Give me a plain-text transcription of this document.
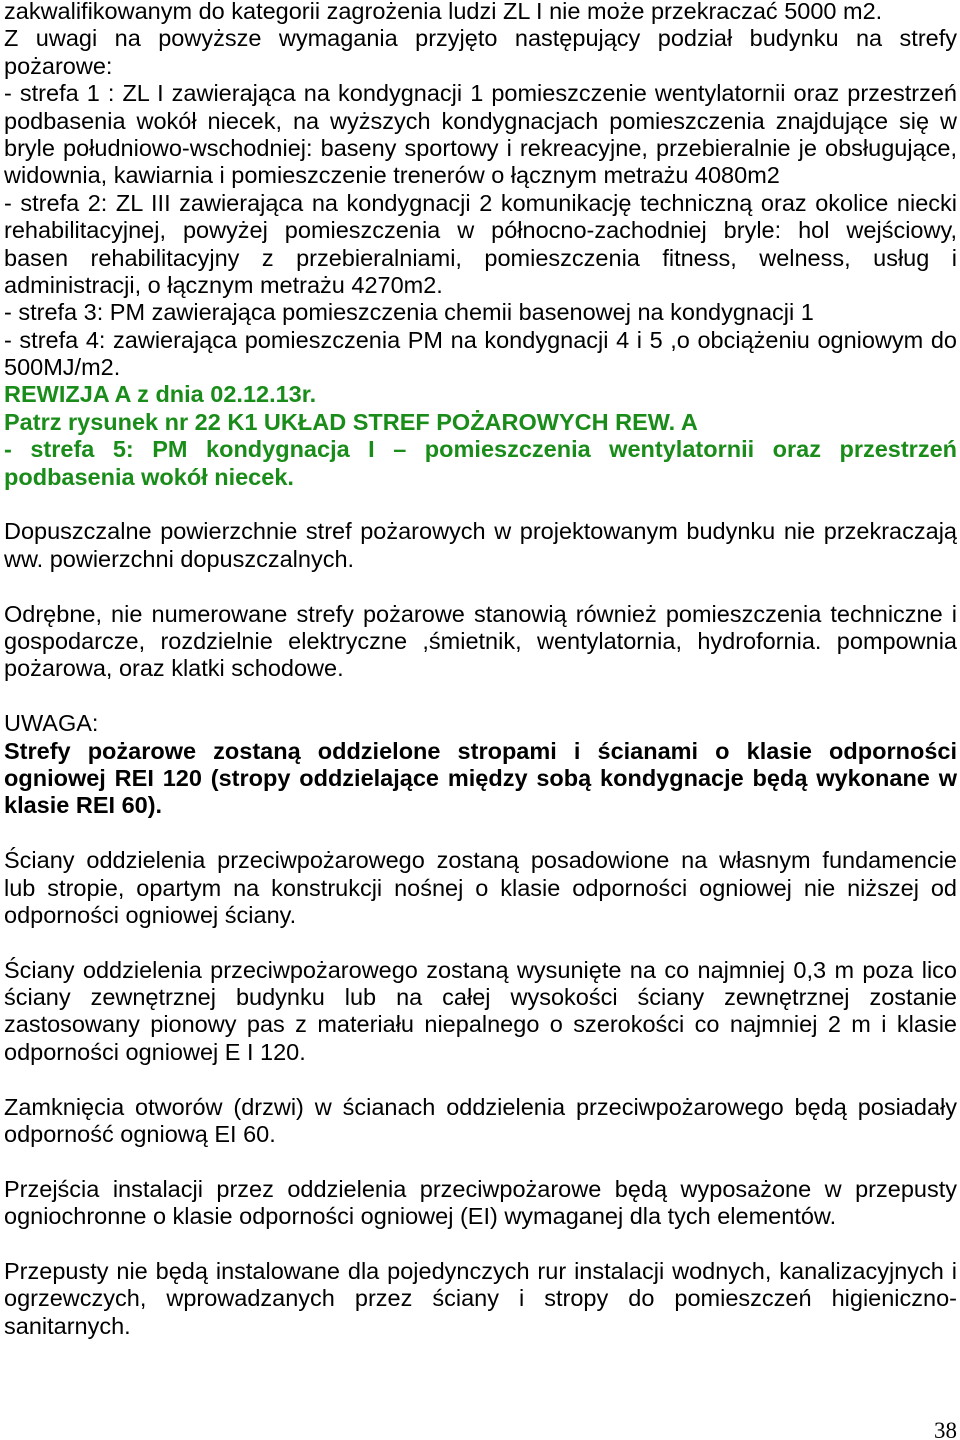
zakwalifikowanym do kategorii zagrożenia ludzi ZL I nie może przekraczać 5000 m2.
Z uwagi na powyższe wymagania przyjęto następujący podział budynku na strefy
pożarowe:
- strefa 1 : ZL I zawierająca na kondygnacji 1 pomieszczenie wentylatornii oraz przestrzeń
podbasenia wokół niecek, na wyższych kondygnacjach pomieszczenia znajdujące się w
bryle południowo-wschodniej: baseny sportowy i rekreacyjne, przebieralnie je obsługujące,
widownia, kawiarnia i pomieszczenie trenerów o łącznym metrażu 4080m2
- strefa 2: ZL III zawierająca na kondygnacji 2 komunikację techniczną oraz okolice niecki
rehabilitacyjnej, powyżej pomieszczenia w północno-zachodniej bryle: hol wejściowy,
basen rehabilitacyjny z przebieralniami, pomieszczenia fitness, welness, usług i
administracji, o łącznym metrażu 4270m2.
- strefa 3: PM zawierająca pomieszczenia chemii basenowej na kondygnacji 1
- strefa 4: zawierająca pomieszczenia PM na kondygnacji 4 i 5 ,o obciążeniu ogniowym do
500MJ/m2.
REWIZJA A z dnia 02.12.13r.
Patrz rysunek nr 22 K1 UKŁAD STREF POŻAROWYCH REW. A
- strefa 5: PM kondygnacja I – pomieszczenia wentylatornii oraz przestrzeń
podbasenia wokół niecek.
Dopuszczalne powierzchnie stref pożarowych w projektowanym budynku nie przekraczają
ww. powierzchni dopuszczalnych.
Odrębne, nie numerowane strefy pożarowe stanowią również pomieszczenia techniczne i
gospodarcze, rozdzielnie elektryczne ,śmietnik, wentylatornia, hydrofornia. pompownia
pożarowa, oraz klatki schodowe.
UWAGA:
Strefy pożarowe zostaną oddzielone stropami i ścianami o klasie odporności
ogniowej REI 120 (stropy oddzielające między sobą kondygnacje będą wykonane w
klasie REI 60).
Ściany oddzielenia przeciwpożarowego zostaną posadowione na własnym fundamencie
lub stropie, opartym na konstrukcji nośnej o klasie odporności ogniowej nie niższej od
odporności ogniowej ściany.
Ściany oddzielenia przeciwpożarowego zostaną wysunięte na co najmniej 0,3 m poza lico
ściany zewnętrznej budynku lub na całej wysokości ściany zewnętrznej zostanie
zastosowany pionowy pas z materiału niepalnego o szerokości co najmniej 2 m i klasie
odporności ogniowej E I 120.
Zamknięcia otworów (drzwi) w ścianach oddzielenia przeciwpożarowego będą posiadały
odporność ogniową EI 60.
Przejścia instalacji przez oddzielenia przeciwpożarowe będą wyposażone w przepusty
ogniochronne o klasie odporności ogniowej (EI) wymaganej dla tych elementów.
Przepusty nie będą instalowane dla pojedynczych rur instalacji wodnych, kanalizacyjnych i
ogrzewczych, wprowadzanych przez ściany i stropy do pomieszczeń higieniczno-
sanitarnych.
38
